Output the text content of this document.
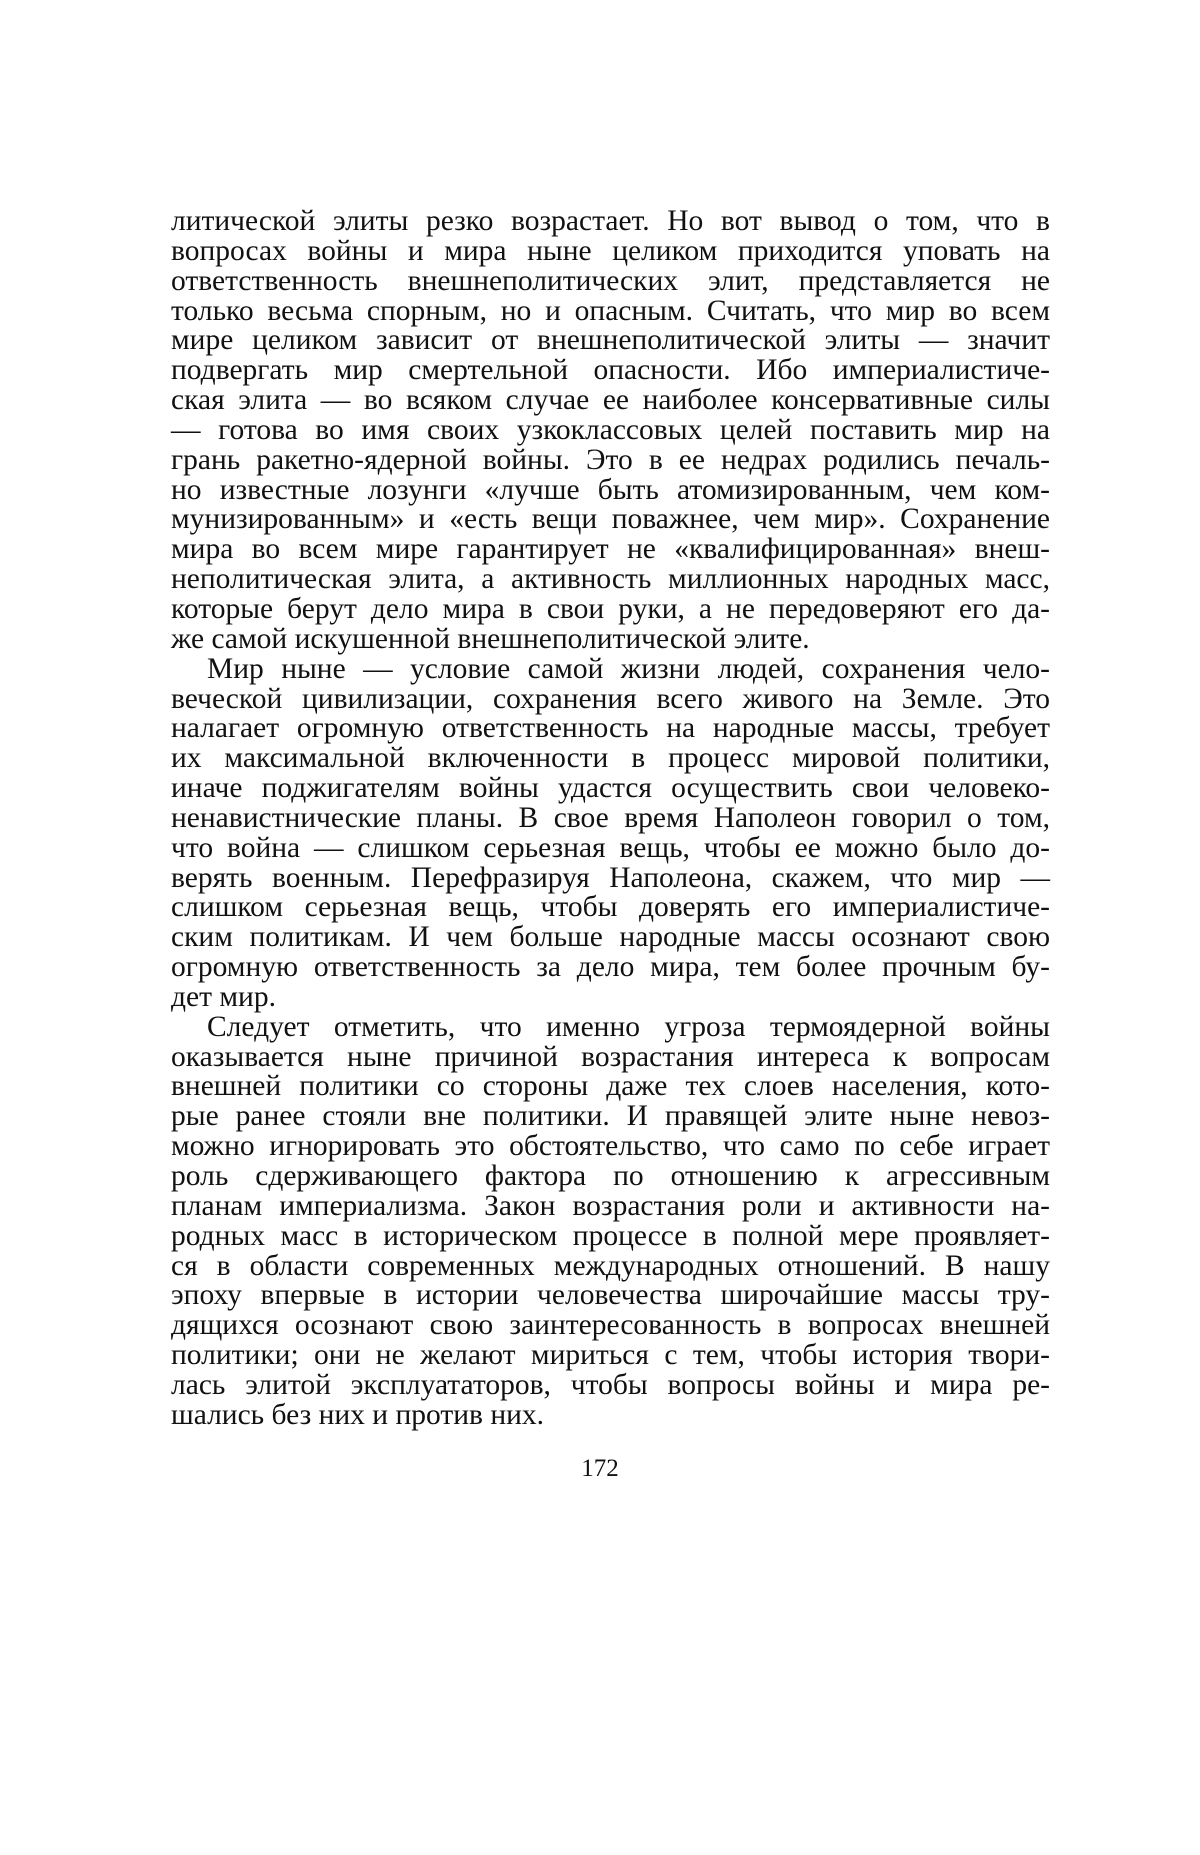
литической элиты резко возрастает. Но вот вывод о том, что в
вопросах войны и мира ныне целиком приходится уповать на
ответственность внешнеполитических элит, представляется не
только весьма спорным, но и опасным. Считать, что мир во всем
мире целиком зависит от внешнеполитической элиты — значит
подвергать мир смертельной опасности. Ибо империалистиче-
ская элита — во всяком случае ее наиболее консервативные силы
— готова во имя своих узкоклассовых целей поставить мир на
грань ракетно-ядерной войны. Это в ее недрах родились печаль-
но известные лозунги «лучше быть атомизированным, чем ком-
мунизированным» и «есть вещи поважнее, чем мир». Сохранение
мира во всем мире гарантирует не «квалифицированная» внеш-
неполитическая элита, а активность миллионных народных масс,
которые берут дело мира в свои руки, а не передоверяют его да-
же самой искушенной внешнеполитической элите.
Мир ныне — условие самой жизни людей, сохранения чело-
веческой цивилизации, сохранения всего живого на Земле. Это
налагает огромную ответственность на народные массы, требует
их максимальной включенности в процесс мировой политики,
иначе поджигателям войны удастся осуществить свои человеко-
ненавистнические планы. В свое время Наполеон говорил о том,
что война — слишком серьезная вещь, чтобы ее можно было до-
верять военным. Перефразируя Наполеона, скажем, что мир —
слишком серьезная вещь, чтобы доверять его империалистиче-
ским политикам. И чем больше народные массы осознают свою
огромную ответственность за дело мира, тем более прочным бу-
дет мир.
Следует отметить, что именно угроза термоядерной войны
оказывается ныне причиной возрастания интереса к вопросам
внешней политики со стороны даже тех слоев населения, кото-
рые ранее стояли вне политики. И правящей элите ныне невоз-
можно игнорировать это обстоятельство, что само по себе играет
роль сдерживающего фактора по отношению к агрессивным
планам империализма. Закон возрастания роли и активности на-
родных масс в историческом процессе в полной мере проявляет-
ся в области современных международных отношений. В нашу
эпоху впервые в истории человечества широчайшие массы тру-
дящихся осознают свою заинтересованность в вопросах внешней
политики; они не желают мириться с тем, чтобы история твори-
лась элитой эксплуататоров, чтобы вопросы войны и мира ре-
шались без них и против них.
172
